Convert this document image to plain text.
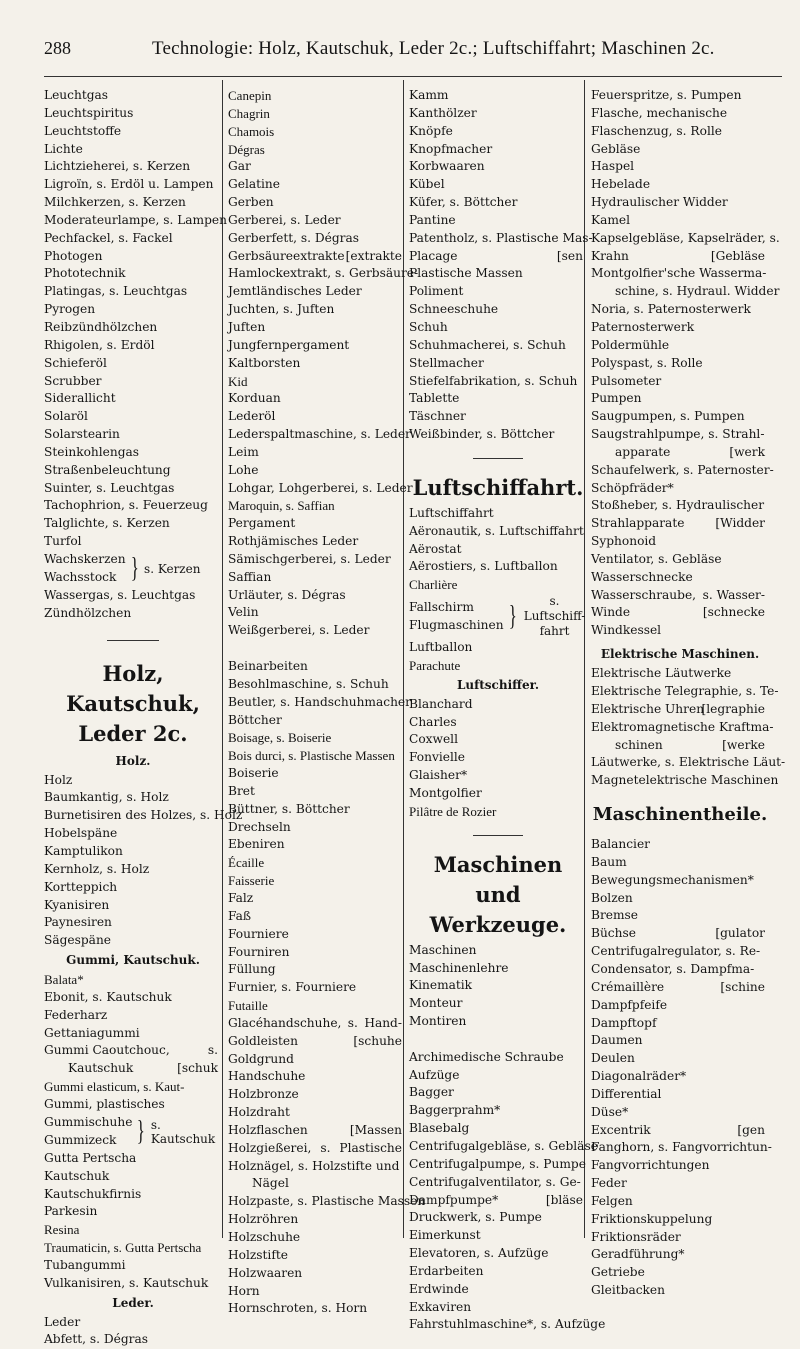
288	Technologie: Holz, Kautschuk, Leder 2c.; Luftschiffahrt; Maschinen 2c.
Leuchtgas
Leuchtspiritus
Leuchtstoffe
Lichte
Lichtzieherei, s. Kerzen
Ligroïn, s. Erdöl u. Lampen
Milchkerzen, s. Kerzen
Moderateurlampe, s. Lampen
Pechfackel, s. Fackel
Photogen
Phototechnik
Platingas, s. Leuchtgas
Pyrogen
Reibzündhölzchen
Rhigolen, s. Erdöl
Schieferöl
Scrubber
Siderallicht
Solaröl
Solarstearin
Steinkohlengas
Straßenbeleuchtung
Suinter, s. Leuchtgas
Tachophrion, s. Feuerzeug
Talglichte, s. Kerzen
Turfol
Wachskerzen
Wachsstock } s. Kerzen
Wassergas, s. Leuchtgas
Zündhölzchen
Holz, Kautschuk,
Leder 2c.
Holz.
Holz
Baumkantig, s. Holz
Burnetisiren des Holzes, s. Holz
Hobelspäne
Kamptulikon
Kernholz, s. Holz
Kortteppich
Kyanisiren
Paynesiren
Sägespäne
Gummi, Kautschuk.
Balata*
Ebonit, s. Kautschuk
Federharz
Gettaniagummi
Gummi Caoutchouc,	s.
Kautschuk	[schuk
Gummi elasticum, s. Kaut-
Gummi, plastisches
Gummischuhe
Gummizeck } s. Kautschuk
Gutta Pertscha
Kautschuk
Kautschukfirnis
Parkesin
Resina
Traumaticin, s. Gutta Pertscha
Tubangummi
Vulkanisiren, s. Kautschuk
Leder.
Leder
Abfett, s. Dégras
Canepin
Chagrin
Chamois
Dégras
Gar
Gelatine
Gerben
Gerberei, s. Leder
Gerberfett, s. Dégras
Gerbsäureextrakte [extrakte
Hamlockextrakt, s. Gerbsäure-
Jemtländisches Leder
Juchten, s. Juften
Juften
Jungfernpergament
Kaltborsten
Kid
Korduan
Lederöl
Lederspaltmaschine, s. Leder
Leim
Lohe
Lohgar, Lohgerberei, s. Leder
Maroquin, s. Saffian
Pergament
Rothjämisches Leder
Sämischgerberei, s. Leder
Saffian
Urläuter, s. Dégras
Velin
Weißgerberei, s. Leder
Beinarbeiten
Besohlmaschine, s. Schuh
Beutler, s. Handschuhmacher
Böttcher
Boisage, s. Boiserie
Bois durci, s. Plastische Massen
Boiserie
Bret
Büttner, s. Böttcher
Drechseln
Ebeniren
Écaille
Faisserie
Falz
Faß
Fourniere
Fourniren
Füllung
Furnier, s. Fourniere
Futaille
Glacéhandschuhe, s. Hand-
Goldleisten	[schuhe
Goldgrund
Handschuhe
Holzbronze
Holzdraht
Holzflaschen	[Massen
Holzgießerei, s. Plastische
Holznägel, s. Holzstifte und
Nägel
Holzpaste, s. Plastische Massen
Holzröhren
Holzschuhe
Holzstifte
Holzwaaren
Horn
Hornschroten, s. Horn
Kamm
Kanthölzer
Knöpfe
Knopfmacher
Korbwaaren
Kübel
Küfer, s. Böttcher
Pantine
Patentholz, s. Plastische Mas-
Placage	[sen
Plastische Massen
Poliment
Schneeschuhe
Schuh
Schuhmacherei, s. Schuh
Stellmacher
Stiefelfabrikation, s. Schuh
Tablette
Täschner
Weißbinder, s. Böttcher
Luftschiffahrt.
Luftschiffahrt
Aëronautik, s. Luftschiffahrt
Aërostat
Aërostiers, s. Luftballon
Charlière
Fallschirm
Flugmaschinen }	s. Luftschiff-
fahrt
Luftballon
Parachute
Luftschiffer.
Blanchard
Charles
Coxwell
Fonvielle
Glaisher*
Montgolfier
Pilâtre de Rozier
Maschinen und
Werkzeuge.
Maschinen
Maschinenlehre
Kinematik
Monteur
Montiren
Archimedische Schraube
Aufzüge
Bagger
Baggerprahm*
Blasebalg
Centrifugalgebläse, s. Gebläse
Centrifugalpumpe, s. Pumpe
Centrifugalventilator, s. Ge-
Dampfpumpe*	[bläse
Druckwerk, s. Pumpe
Eimerkunst
Elevatoren, s. Aufzüge
Erdarbeiten
Erdwinde
Exkaviren
Fahrstuhlmaschine*, s. Aufzüge
Feuerspritze, s. Pumpen
Flasche, mechanische
Flaschenzug, s. Rolle
Gebläse
Haspel
Hebelade
Hydraulischer Widder
Kamel
Kapselgebläse, Kapselräder, s.
Krahn	[Gebläse
Montgolfier'sche Wasserma-
schine, s. Hydraul. Widder
Noria, s. Paternosterwerk
Paternosterwerk
Poldermühle
Polyspast, s. Rolle
Pulsometer
Pumpen
Saugpumpen, s. Pumpen
Saugstrahlpumpe, s. Strahl-
apparate	[werk
Schaufelwerk, s. Paternoster-
Schöpfräder*
Stoßheber, s. Hydraulischer
Strahlapparate	[Widder
Syphonoid
Ventilator, s. Gebläse
Wasserschnecke
Wasserschraube, s. Wasser-
Winde	[schnecke
Windkessel
Elektrische Maschinen.
Elektrische Läutwerke
Elektrische Telegraphie, s. Te-
Elektrische Uhren
[legraphie
Elektromagnetische Kraftma-
schinen	[werke
Läutwerke, s. Elektrische Läut-
Magnetelektrische Maschinen
Maschinentheile.
Balancier
Baum
Bewegungsmechanismen*
Bolzen
Bremse
Büchse	[gulator
Centrifugalregulator, s. Re-
Condensator, s. Dampfma-
Crémaillère	[schine
Dampfpfeife
Dampftopf
Daumen
Deulen
Diagonalräder*
Differential
Düse*
Excentrik	[gen
Fanghorn, s. Fangvorrichtun-
Fangvorrichtungen
Feder
Felgen
Friktionskuppelung
Friktionsräder
Geradführung*
Getriebe
Gleitbacken
